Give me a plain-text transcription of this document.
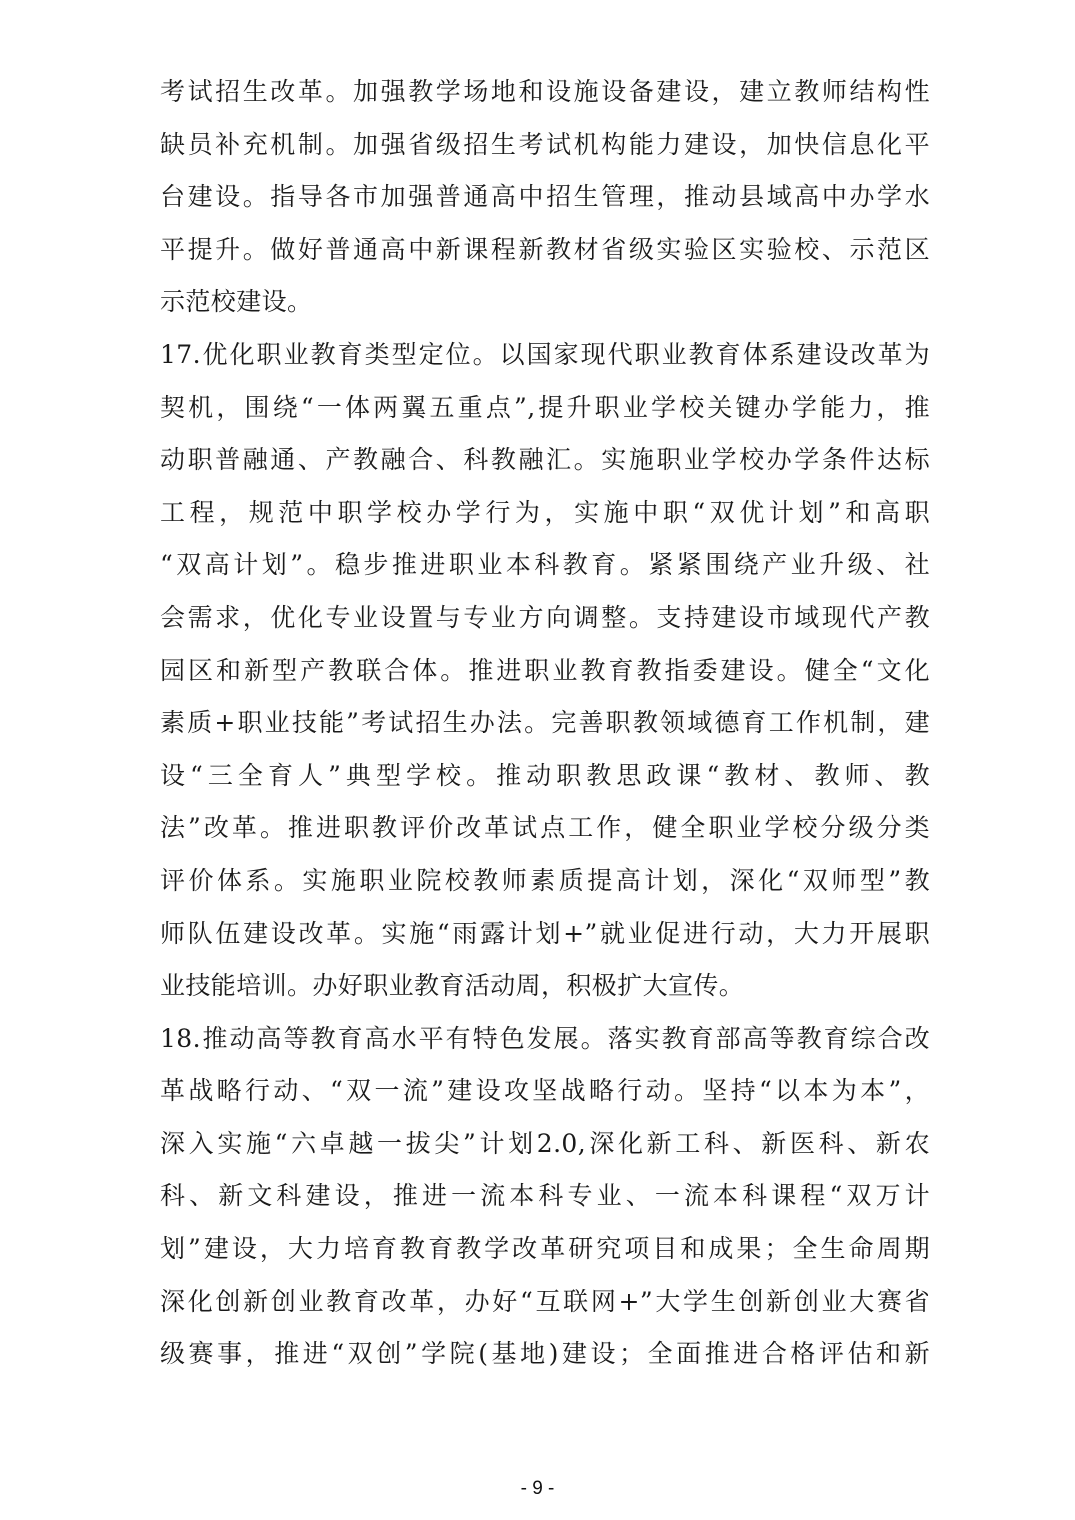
考试招生改革。加强教学场地和设施设备建设，建立教师结构性
缺员补充机制。加强省级招生考试机构能力建设，加快信息化平
台建设。指导各市加强普通高中招生管理，推动县域高中办学水
平提升。做好普通高中新课程新教材省级实验区实验校、示范区
示范校建设。
17.优化职业教育类型定位。以国家现代职业教育体系建设改革为
契机，围绕“一体两翼五重点”,提升职业学校关键办学能力，推
动职普融通、产教融合、科教融汇。实施职业学校办学条件达标
工程，规范中职学校办学行为，实施中职“双优计划”和高职
“双高计划”。稳步推进职业本科教育。紧紧围绕产业升级、社
会需求，优化专业设置与专业方向调整。支持建设市域现代产教
园区和新型产教联合体。推进职业教育教指委建设。健全“文化
素质+职业技能”考试招生办法。完善职教领域德育工作机制，建
设“三全育人”典型学校。推动职教思政课“教材、教师、教
法”改革。推进职教评价改革试点工作，健全职业学校分级分类
评价体系。实施职业院校教师素质提高计划，深化“双师型”教
师队伍建设改革。实施“雨露计划+”就业促进行动，大力开展职
业技能培训。办好职业教育活动周，积极扩大宣传。
18.推动高等教育高水平有特色发展。落实教育部高等教育综合改
革战略行动、“双一流”建设攻坚战略行动。坚持“以本为本”，
深入实施“六卓越一拔尖”计划2.0,深化新工科、新医科、新农
科、新文科建设，推进一流本科专业、一流本科课程“双万计
划”建设，大力培育教育教学改革研究项目和成果；全生命周期
深化创新创业教育改革，办好“互联网+”大学生创新创业大赛省
级赛事，推进“双创”学院(基地)建设；全面推进合格评估和新
- 9 -
